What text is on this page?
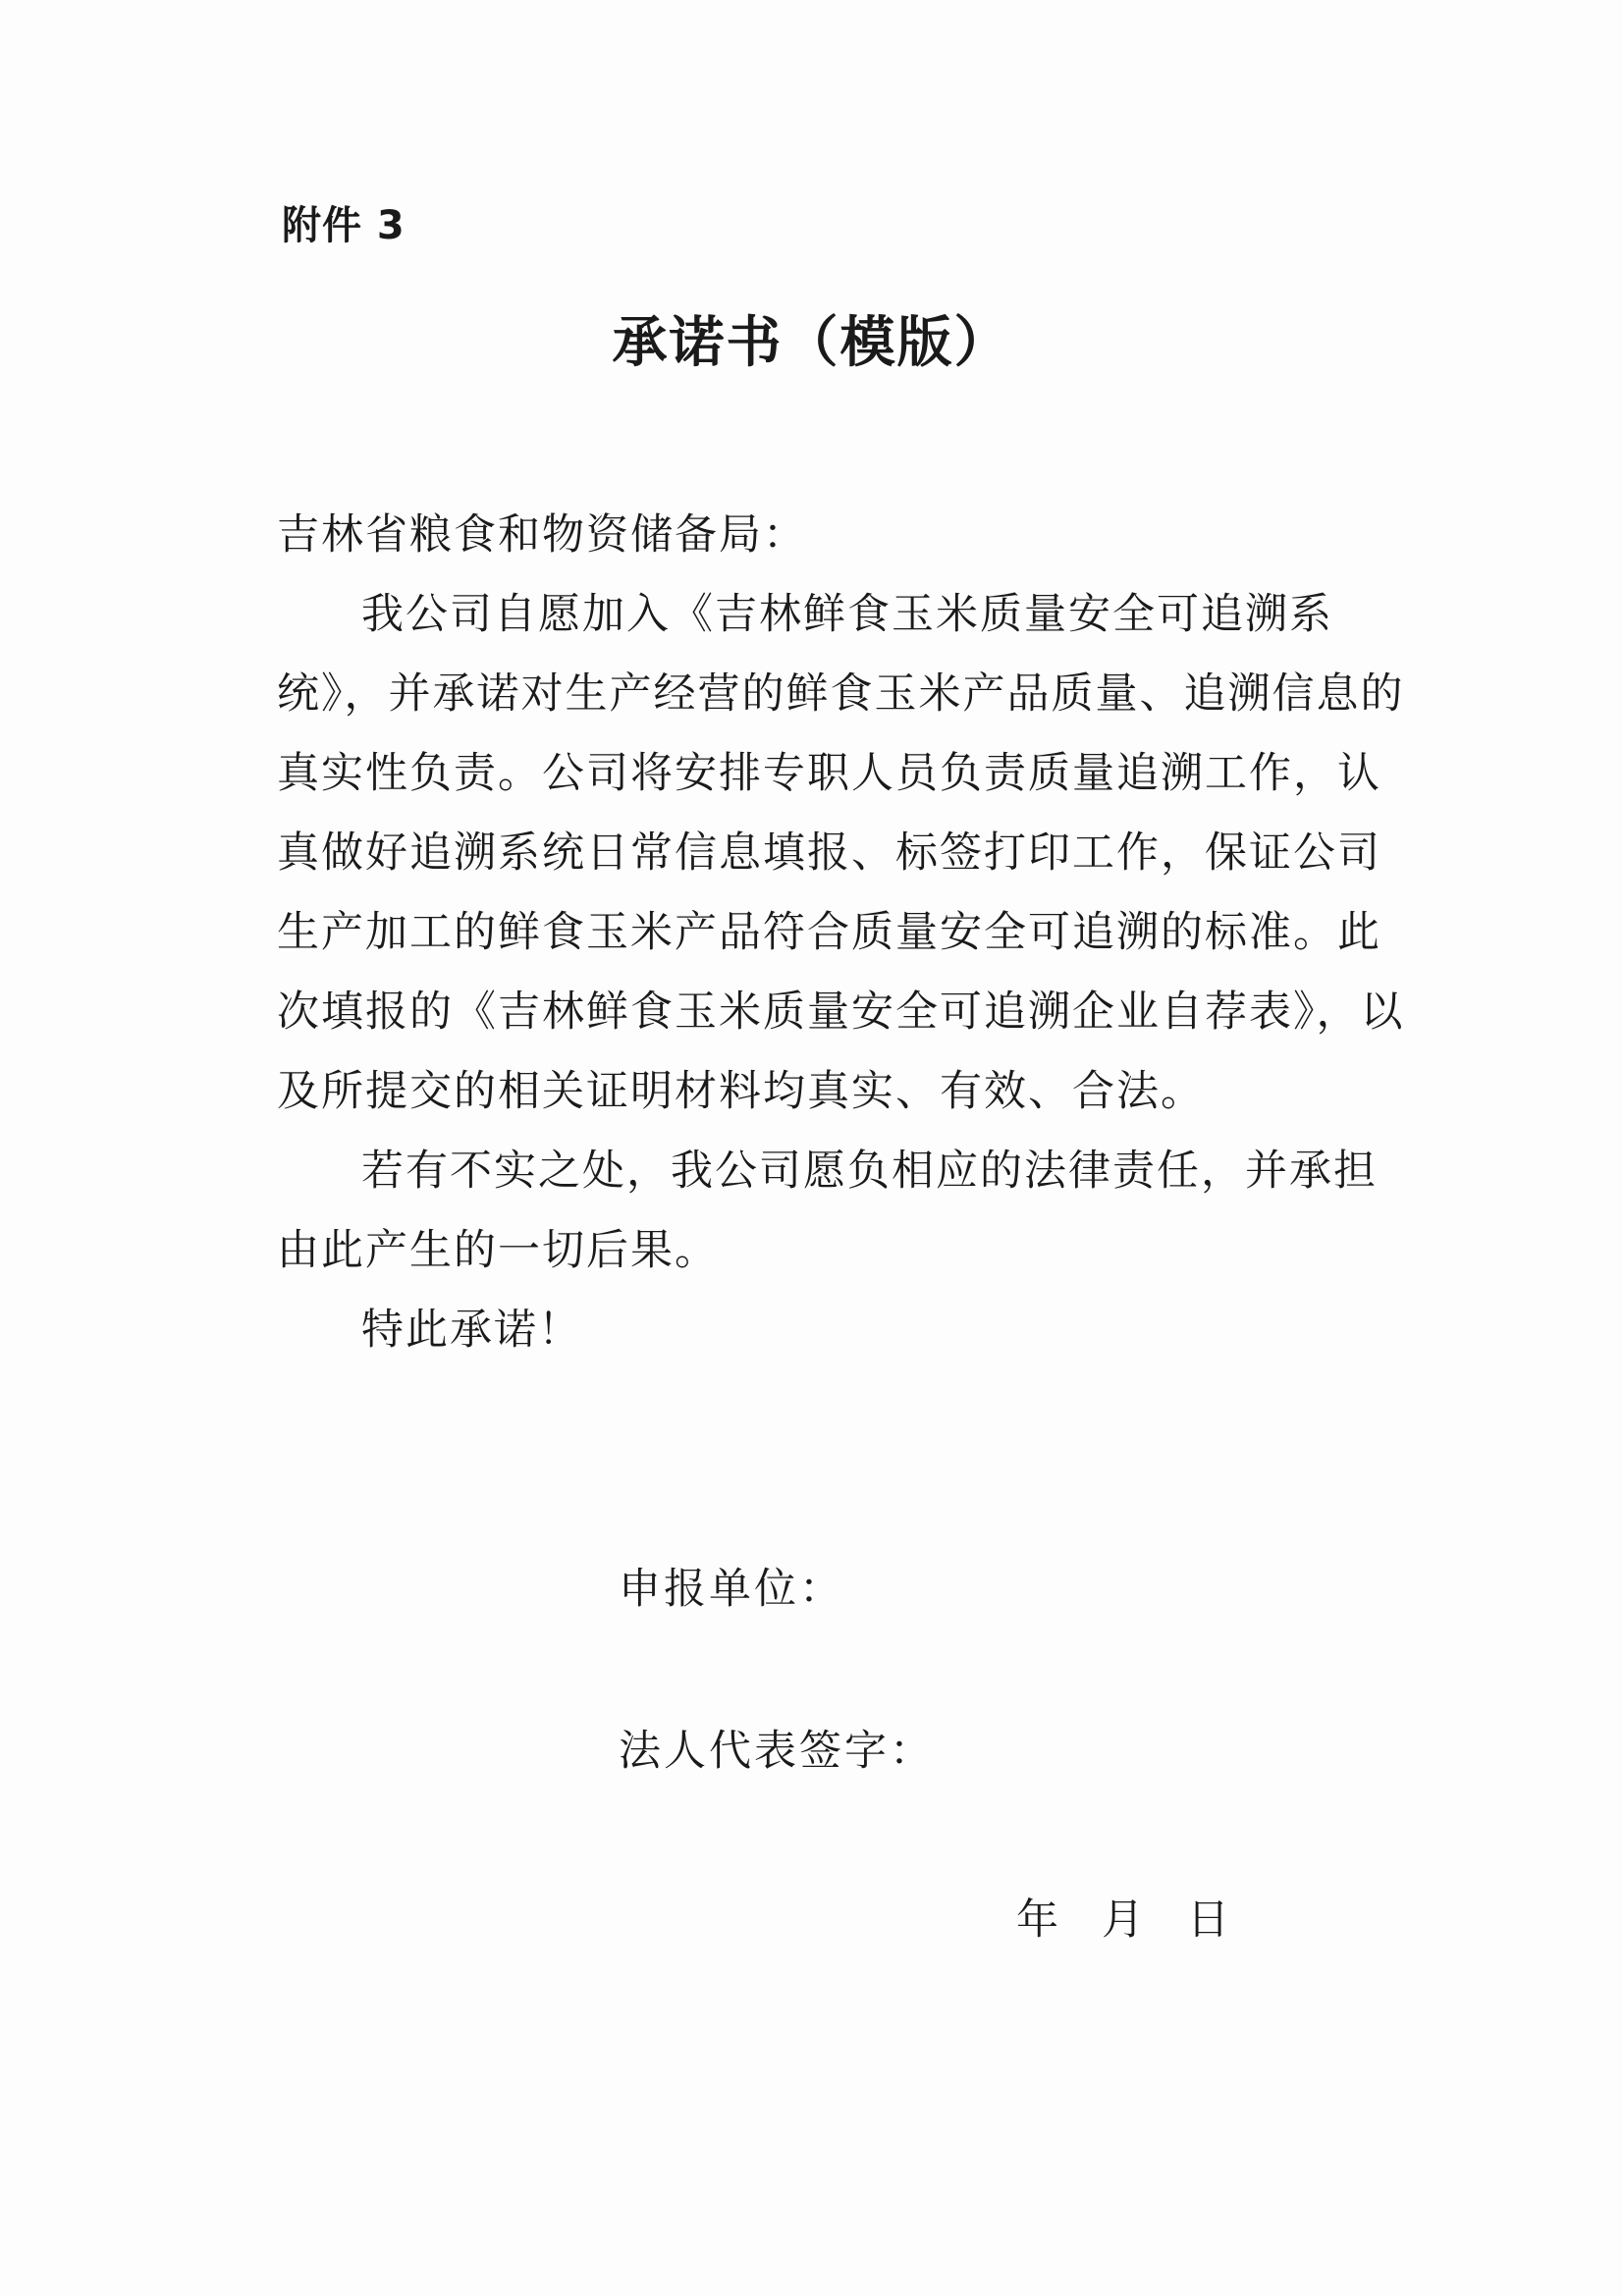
附件 3
承诺书（模版）

吉林省粮食和物资储备局：

我公司自愿加入《吉林鲜食玉米质量安全可追溯系统》，并承诺对生产经营的鲜食玉米产品质量、追溯信息的真实性负责。公司将安排专职人员负责质量追溯工作，认真做好追溯系统日常信息填报、标签打印工作，保证公司生产加工的鲜食玉米产品符合质量安全可追溯的标准。此次填报的《吉林鲜食玉米质量安全可追溯企业自荐表》，以及所提交的相关证明材料均真实、有效、合法。

若有不实之处，我公司愿负相应的法律责任，并承担由此产生的一切后果。

特此承诺！

申报单位：
法人代表签字：
年 月 日
